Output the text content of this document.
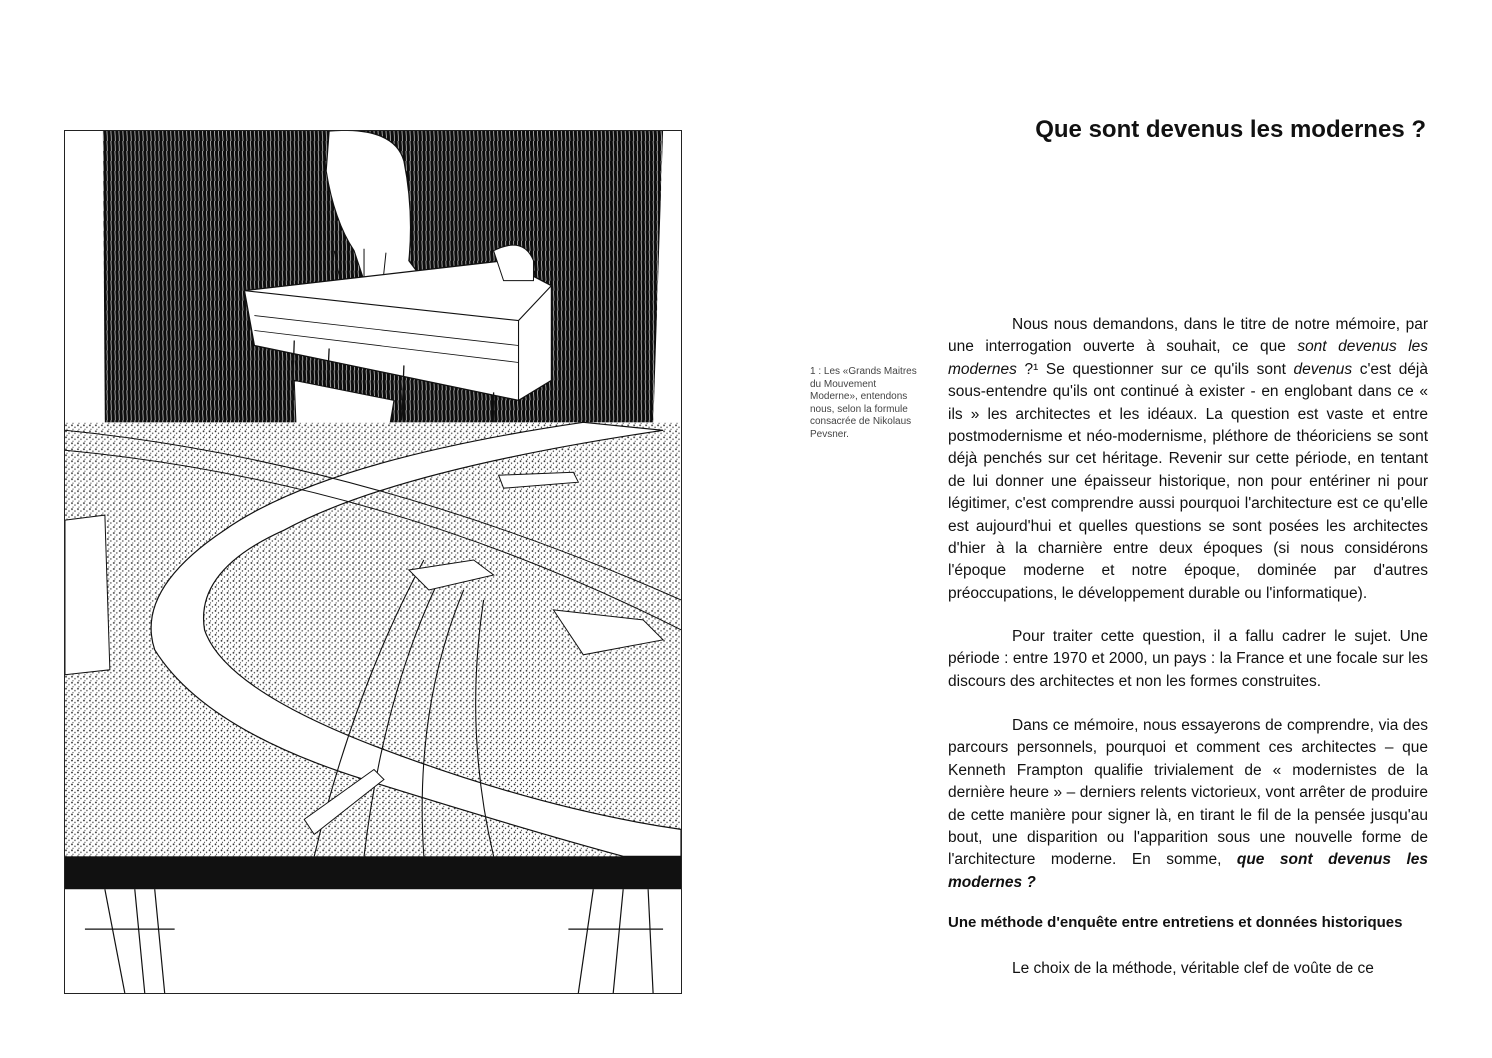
1 : Les «Grands Maitres du Mouvement Moderne», entendons nous, selon la formule consacrée de Nikolaus Pevsner.
Que sont devenus les modernes ?

Nous nous demandons, dans le titre de notre mémoire, par une interrogation ouverte à souhait, ce que sont devenus les modernes ?¹ Se questionner sur ce qu'ils sont devenus c'est déjà sous-entendre qu'ils ont continué à exister - en englobant dans ce « ils » les architectes et les idéaux. La question est vaste et entre postmodernisme et néo-modernisme, pléthore de théoriciens se sont déjà penchés sur cet héritage. Revenir sur cette période, en tentant de lui donner une épaisseur historique, non pour entériner ni pour légitimer, c'est comprendre aussi pourquoi l'architecture est ce qu'elle est aujourd'hui et quelles questions se sont posées les architectes d'hier à la charnière entre deux époques (si nous considérons l'époque moderne et notre époque, dominée par d'autres préoccupations, le développement durable ou l'informatique).

Pour traiter cette question, il a fallu cadrer le sujet. Une période : entre 1970 et 2000, un pays : la France et une focale sur les discours des architectes et non les formes construites.

Dans ce mémoire, nous essayerons de comprendre, via des parcours personnels, pourquoi et comment ces architectes – que Kenneth Frampton qualifie trivialement de « modernistes de la dernière heure » – derniers relents victorieux, vont arrêter de produire de cette manière pour signer là, en tirant le fil de la pensée jusqu'au bout, une disparition ou l'apparition sous une nouvelle forme de l'architecture moderne. En somme, que sont devenus les modernes ?

Une méthode d'enquête entre entretiens et données historiques

Le choix de la méthode, véritable clef de voûte de ce
